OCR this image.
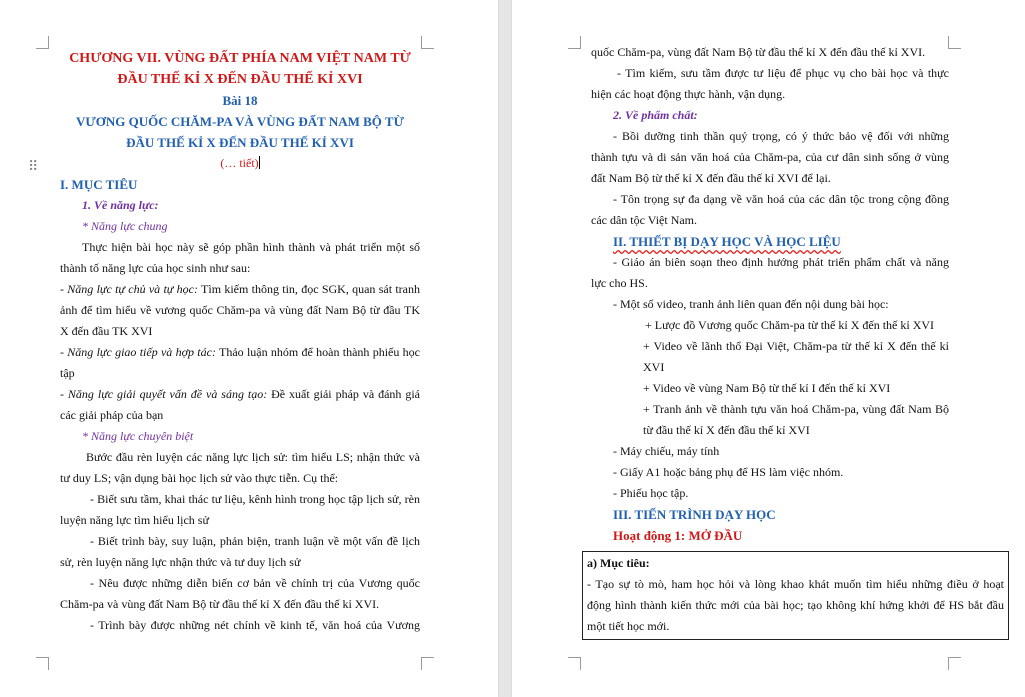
⠿
CHƯƠNG VII. VÙNG ĐẤT PHÍA NAM VIỆT NAM TỪ
ĐẦU THẾ KỈ X ĐẾN ĐẦU THẾ KỈ XVI
Bài 18
VƯƠNG QUỐC CHĂM-PA VÀ VÙNG ĐẤT NAM BỘ TỪ
ĐẦU THẾ KỈ X ĐẾN ĐẦU THẾ KỈ XVI
(… tiết)
I. MỤC TIÊU
1. Về năng lực:
* Năng lực chung
Thực hiện bài học này sẽ góp phần hình thành và phát triển một số
thành tố năng lực của học sinh như sau:
- Năng lực tự chủ và tự học: Tìm kiếm thông tin, đọc SGK, quan sát tranh
ảnh để tìm hiểu về vương quốc Chăm-pa và vùng đất Nam Bộ từ đầu TK
X đến đầu TK XVI
- Năng lực giao tiếp và hợp tác: Thảo luận nhóm để hoàn thành phiếu học
tập
- Năng lực giải quyết vấn đề và sáng tạo: Đề xuất giải pháp và đánh giá
các giải pháp của bạn
* Năng lực chuyên biệt
Bước đầu rèn luyện các năng lực lịch sử: tìm hiểu LS; nhận thức và
tư duy LS; vận dụng bài học lịch sử vào thực tiễn. Cụ thể:
- Biết sưu tầm, khai thác tư liệu, kênh hình trong học tập lịch sử, rèn
luyện năng lực tìm hiểu lịch sử
- Biết trình bày, suy luận, phản biện, tranh luận về một vấn đề lịch
sử, rèn luyện năng lực nhận thức và tư duy lịch sử
- Nêu được những diễn biến cơ bản về chính trị của Vương quốc
Chăm-pa và vùng đất Nam Bộ từ đầu thế kỉ X đến đầu thế kỉ XVI.
- Trình bày được những nét chính về kinh tế, văn hoá của Vương
quốc Chăm-pa, vùng đất Nam Bộ từ đầu thế kỉ X đến đầu thế kỉ XVI.
- Tìm kiếm, sưu tầm được tư liệu để phục vụ cho bài học và thực
hiện các hoạt động thực hành, vận dụng.
2. Về phẩm chất:
- Bồi dưỡng tinh thần quý trọng, có ý thức bảo vệ đối với những
thành tựu và di sản văn hoá của Chăm-pa, của cư dân sinh sống ở vùng
đất Nam Bộ từ thế kỉ X đến đầu thế kỉ XVI để lại.
- Tôn trọng sự đa dạng về văn hoá của các dân tộc trong cộng đồng
các dân tộc Việt Nam.
II. THIẾT BỊ DẠY HỌC VÀ HỌC LIỆU
- Giáo án biên soạn theo định hướng phát triển phẩm chất và năng
lực cho HS.
- Một số video, tranh ảnh liên quan đến nội dung bài học:
+ Lược đồ Vương quốc Chăm-pa từ thế kỉ X đến thế kỉ XVI
+ Video về lãnh thổ Đại Việt, Chăm-pa từ thế kỉ X đến thế kỉ
XVI
+ Video về vùng Nam Bộ từ thế kỉ I đến thế kỉ XVI
+ Tranh ảnh về thành tựu văn hoá Chăm-pa, vùng đất Nam Bộ
từ đầu thế kỉ X đến đầu thế kỉ XVI
- Máy chiếu, máy tính
- Giấy A1 hoặc bảng phụ để HS làm việc nhóm.
- Phiếu học tập.
III. TIẾN TRÌNH DẠY HỌC
Hoạt động 1: MỞ ĐẦU
a) Mục tiêu:
- Tạo sự tò mò, ham học hỏi và lòng khao khát muốn tìm hiểu những điều ở hoạt
động hình thành kiến thức mới của bài học; tạo không khí hứng khởi để HS bắt đầu
một tiết học mới.
